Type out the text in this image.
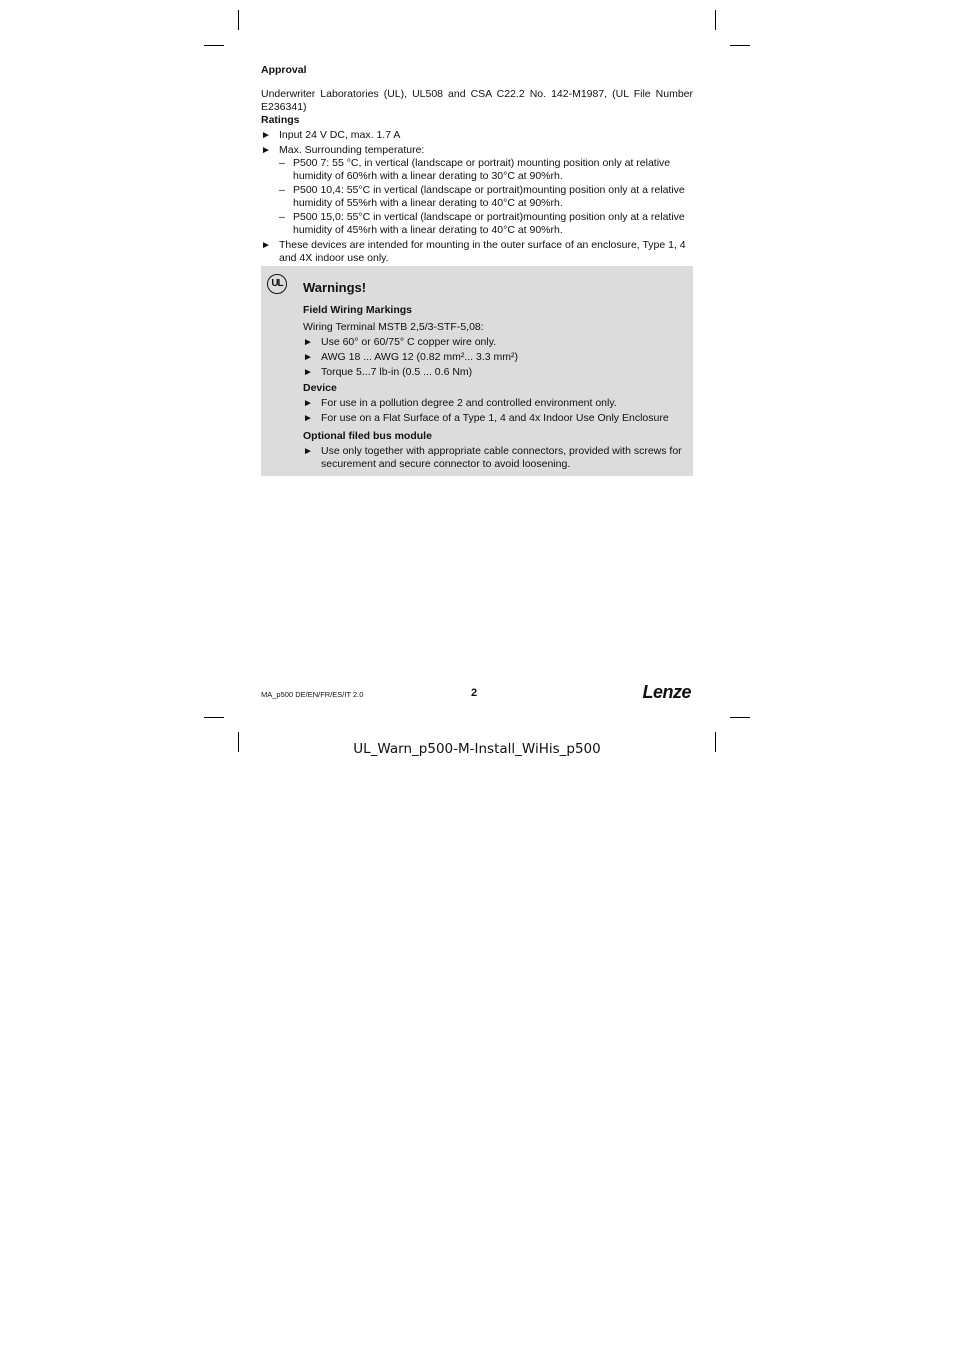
Approval
Underwriter Laboratories (UL), UL508 and CSA C22.2 No. 142-M1987, (UL File Number E236341)
Ratings
► Input 24 V DC, max. 1.7 A
► Max. Surrounding temperature:
– P500 7: 55 °C, in vertical (landscape or portrait) mounting position only at relative humidity of 60%rh with a linear derating to 30°C at 90%rh.
– P500 10,4: 55°C in vertical (landscape or portrait)mounting position only at a relative humidity of 55%rh with a linear derating to 40°C at 90%rh.
– P500 15,0: 55°C in vertical (landscape or portrait)mounting position only at a relative humidity of 45%rh with a linear derating to 40°C at 90%rh.
► These devices are intended for mounting in the outer surface of an enclosure, Type 1, 4 and 4X indoor use only.
UL	Warnings!
Field Wiring Markings
Wiring Terminal MSTB 2,5/3-STF-5,08:
► Use 60° or 60/75° C copper wire only.
► AWG 18 ... AWG 12 (0.82 mm²... 3.3 mm²)
► Torque 5...7 lb-in (0.5 ... 0.6 Nm)
Device
► For use in a pollution degree 2 and controlled environment only.
► For use on a Flat Surface of a Type 1, 4 and 4x Indoor Use Only Enclosure
Optional filed bus module
► Use only together with appropriate cable connectors, provided with screws for securement and secure connector to avoid loosening.
MA_p500 DE/EN/FR/ES/IT 2.0	2	Lenze
UL_Warn_p500-M-Install_WiHis_p500
